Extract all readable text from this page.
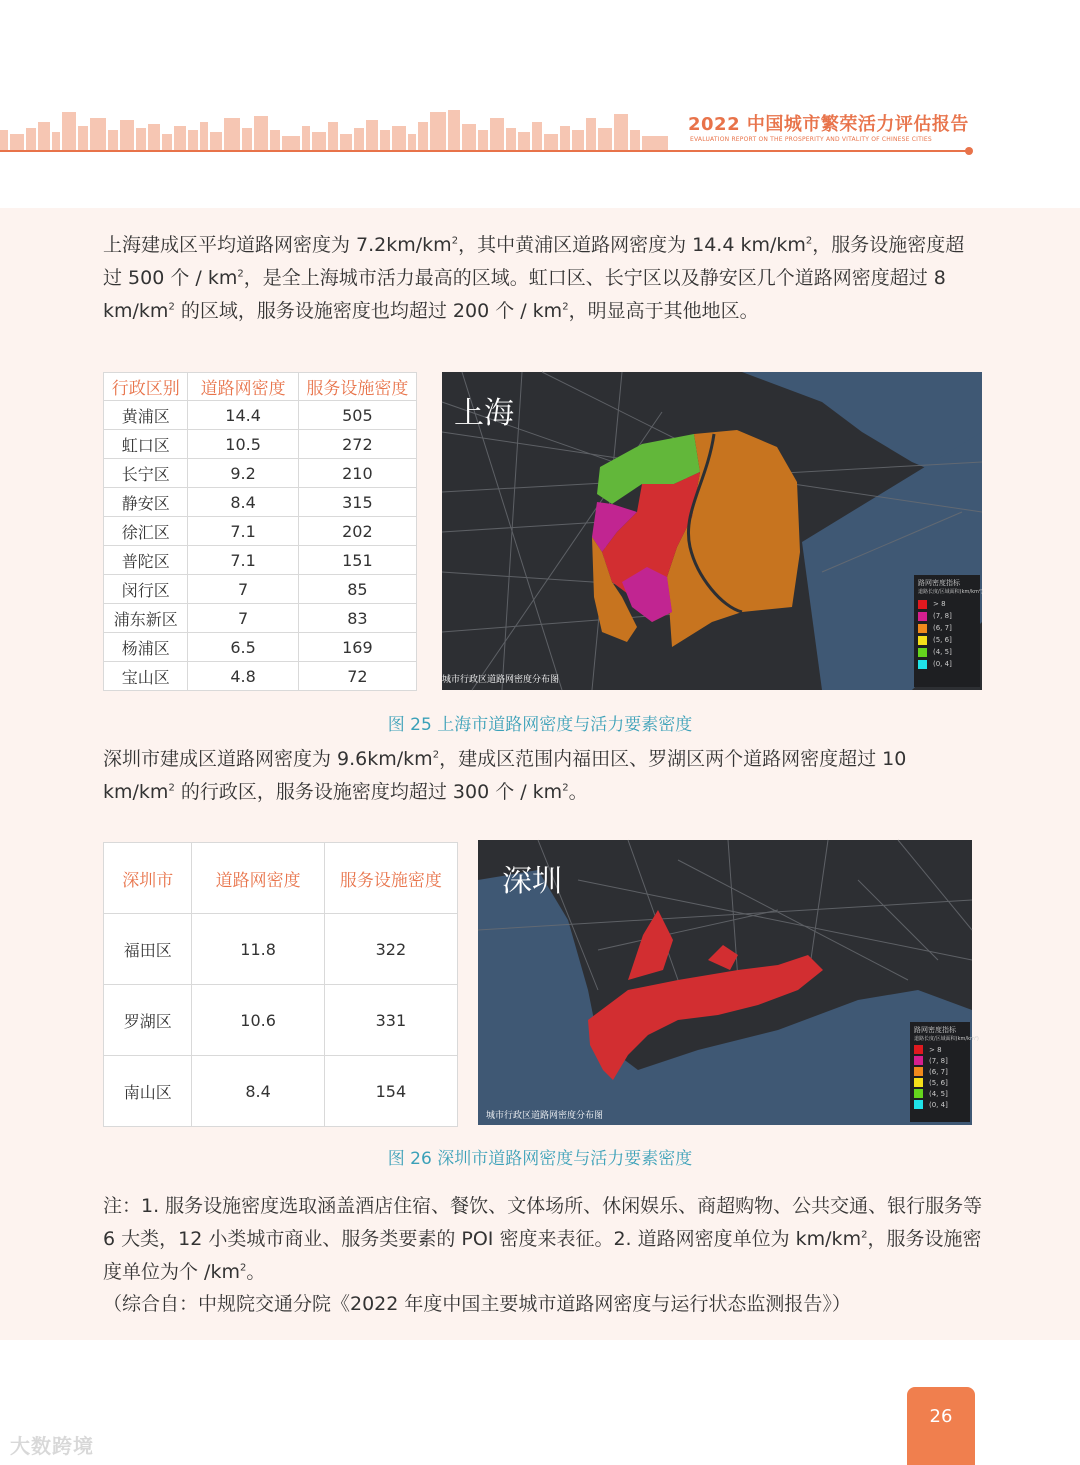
2022 中国城市繁荣活力评估报告
EVALUATION REPORT ON THE PROSPERITY AND VITALITY OF CHINESE CITIES
上海建成区平均道路网密度为 $7.2km/km^2$，其中黄浦区道路网密度为 14.4 $km/km^2$，服务设施密度超过 500 个 / $km^2$，是全上海城市活力最高的区域。虹口区、长宁区以及静安区几个道路网密度超过 8 $km/km^2$ 的区域，服务设施密度也均超过 200 个 / $km^2$，明显高于其他地区。
行政区别	道路网密度	服务设施密度
黄浦区	14.4	505
虹口区	10.5	272
长宁区	9.2	210
静安区	8.4	315
徐汇区	7.1	202
普陀区	7.1	151
闵行区	7	85
浦东新区	7	83
杨浦区	6.5	169
宝山区	4.8	72
上海
城市行政区道路网密度分布图
路网密度指标
道路长度/区域面积(km/km²)
> 8
(7, 8]
(6, 7]
(5, 6]
(4, 5]
(0, 4]
图 25 上海市道路网密度与活力要素密度
深圳市建成区道路网密度为 $9.6km/km^2$，建成区范围内福田区、罗湖区两个道路网密度超过 10 $km/km^2$ 的行政区，服务设施密度均超过 300 个 / $km^2$。
深圳市	道路网密度	服务设施密度
福田区	11.8	322
罗湖区	10.6	331
南山区	8.4	154
深圳
城市行政区道路网密度分布图
路网密度指标
道路长度/区域面积(km/km²)
> 8
(7, 8]
(6, 7]
(5, 6]
(4, 5]
(0, 4]
图 26 深圳市道路网密度与活力要素密度
注：1. 服务设施密度选取涵盖酒店住宿、餐饮、文体场所、休闲娱乐、商超购物、公共交通、银行服务等 6 大类，12 小类城市商业、服务类要素的 POI 密度来表征。2. 道路网密度单位为 $km/km^2$，服务设施密度单位为个 $/km^2$。
（综合自：中规院交通分院《2022 年度中国主要城市道路网密度与运行状态监测报告》）
26
大数跨境
